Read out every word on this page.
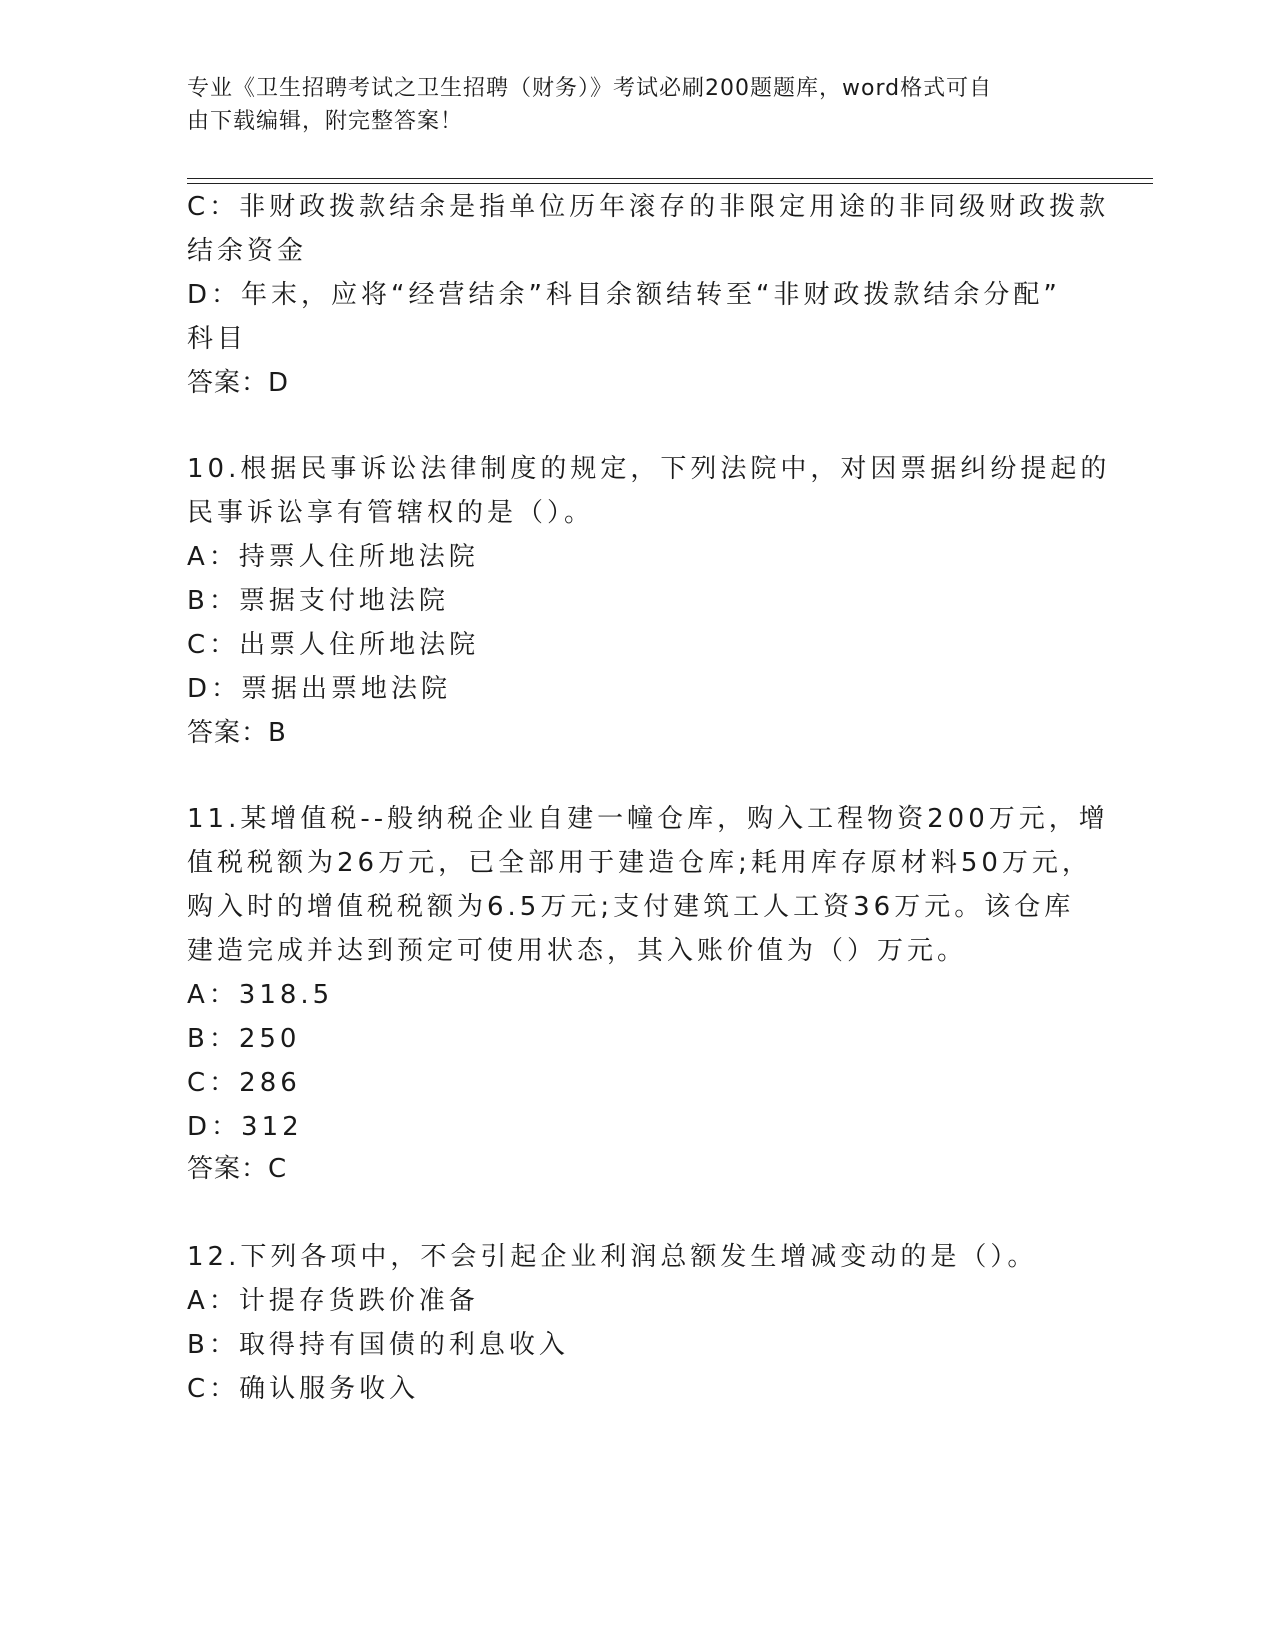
专业《卫生招聘考试之卫生招聘（财务）》考试必刷200题题库，word格式可自
由下载编辑，附完整答案！
C：非财政拨款结余是指单位历年滚存的非限定用途的非同级财政拨款
结余资金
D：年末，应将“经营结余”科目余额结转至“非财政拨款结余分配”
科目
答案：D
10.根据民事诉讼法律制度的规定，下列法院中，对因票据纠纷提起的
民事诉讼享有管辖权的是（）。
A：持票人住所地法院
B：票据支付地法院
C：出票人住所地法院
D：票据出票地法院
答案：B
11.某增值税--般纳税企业自建一幢仓库，购入工程物资200万元，增
值税税额为26万元，已全部用于建造仓库;耗用库存原材料50万元，
购入时的增值税税额为6.5万元;支付建筑工人工资36万元。该仓库
建造完成并达到预定可使用状态，其入账价值为（）万元。
A：318.5
B：250
C：286
D：312
答案：C
12.下列各项中，不会引起企业利润总额发生增减变动的是（）。
A：计提存货跌价准备
B：取得持有国债的利息收入
C：确认服务收入
